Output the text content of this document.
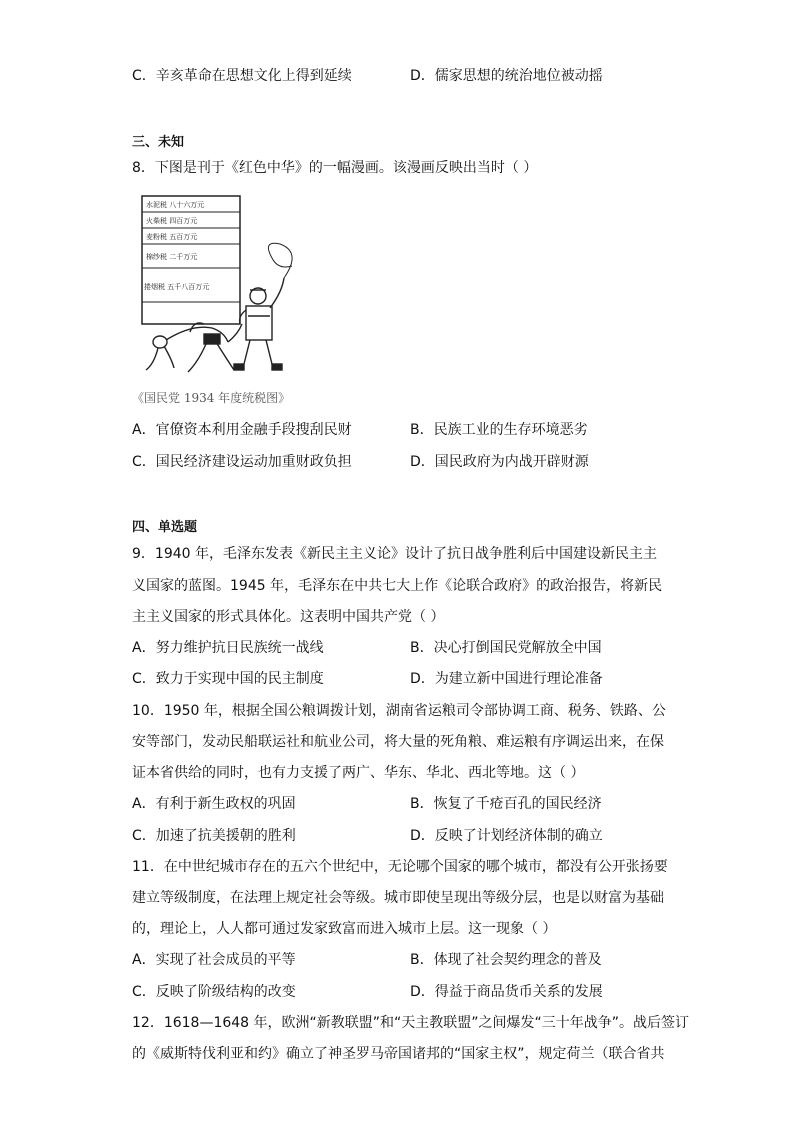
C．辛亥革命在思想文化上得到延续	D．儒家思想的统治地位被动摇
三、未知
8．下图是刊于《红色中华》的一幅漫画。该漫画反映出当时（ ）
水泥税 八十六万元
火柴税 四百万元
麦粉税 五百万元
棉纱税 二千万元
捲烟税 五千八百万元
《国民党 1934 年度统税图》
A．官僚资本利用金融手段搜刮民财	B．民族工业的生存环境恶劣
C．国民经济建设运动加重财政负担	D．国民政府为内战开辟财源
四、单选题
9．1940 年，毛泽东发表《新民主主义论》设计了抗日战争胜利后中国建设新民主主
义国家的蓝图。1945 年，毛泽东在中共七大上作《论联合政府》的政治报告，将新民
主主义国家的形式具体化。这表明中国共产党（ ）
A．努力维护抗日民族统一战线	B．决心打倒国民党解放全中国
C．致力于实现中国的民主制度	D．为建立新中国进行理论准备
10．1950 年，根据全国公粮调拨计划，湖南省运粮司令部协调工商、税务、铁路、公
安等部门，发动民船联运社和航业公司，将大量的死角粮、难运粮有序调运出来，在保
证本省供给的同时，也有力支援了两广、华东、华北、西北等地。这（ ）
A．有利于新生政权的巩固	B．恢复了千疮百孔的国民经济
C．加速了抗美援朝的胜利	D．反映了计划经济体制的确立
11．在中世纪城市存在的五六个世纪中，无论哪个国家的哪个城市，都没有公开张扬要
建立等级制度，在法理上规定社会等级。城市即使呈现出等级分层，也是以财富为基础
的，理论上，人人都可通过发家致富而进入城市上层。这一现象（ ）
A．实现了社会成员的平等	B．体现了社会契约理念的普及
C．反映了阶级结构的改变	D．得益于商品货币关系的发展
12．1618—1648 年，欧洲“新教联盟”和“天主教联盟”之间爆发“三十年战争”。战后签订
的《威斯特伐利亚和约》确立了神圣罗马帝国诸邦的“国家主权”，规定荷兰（联合省共
